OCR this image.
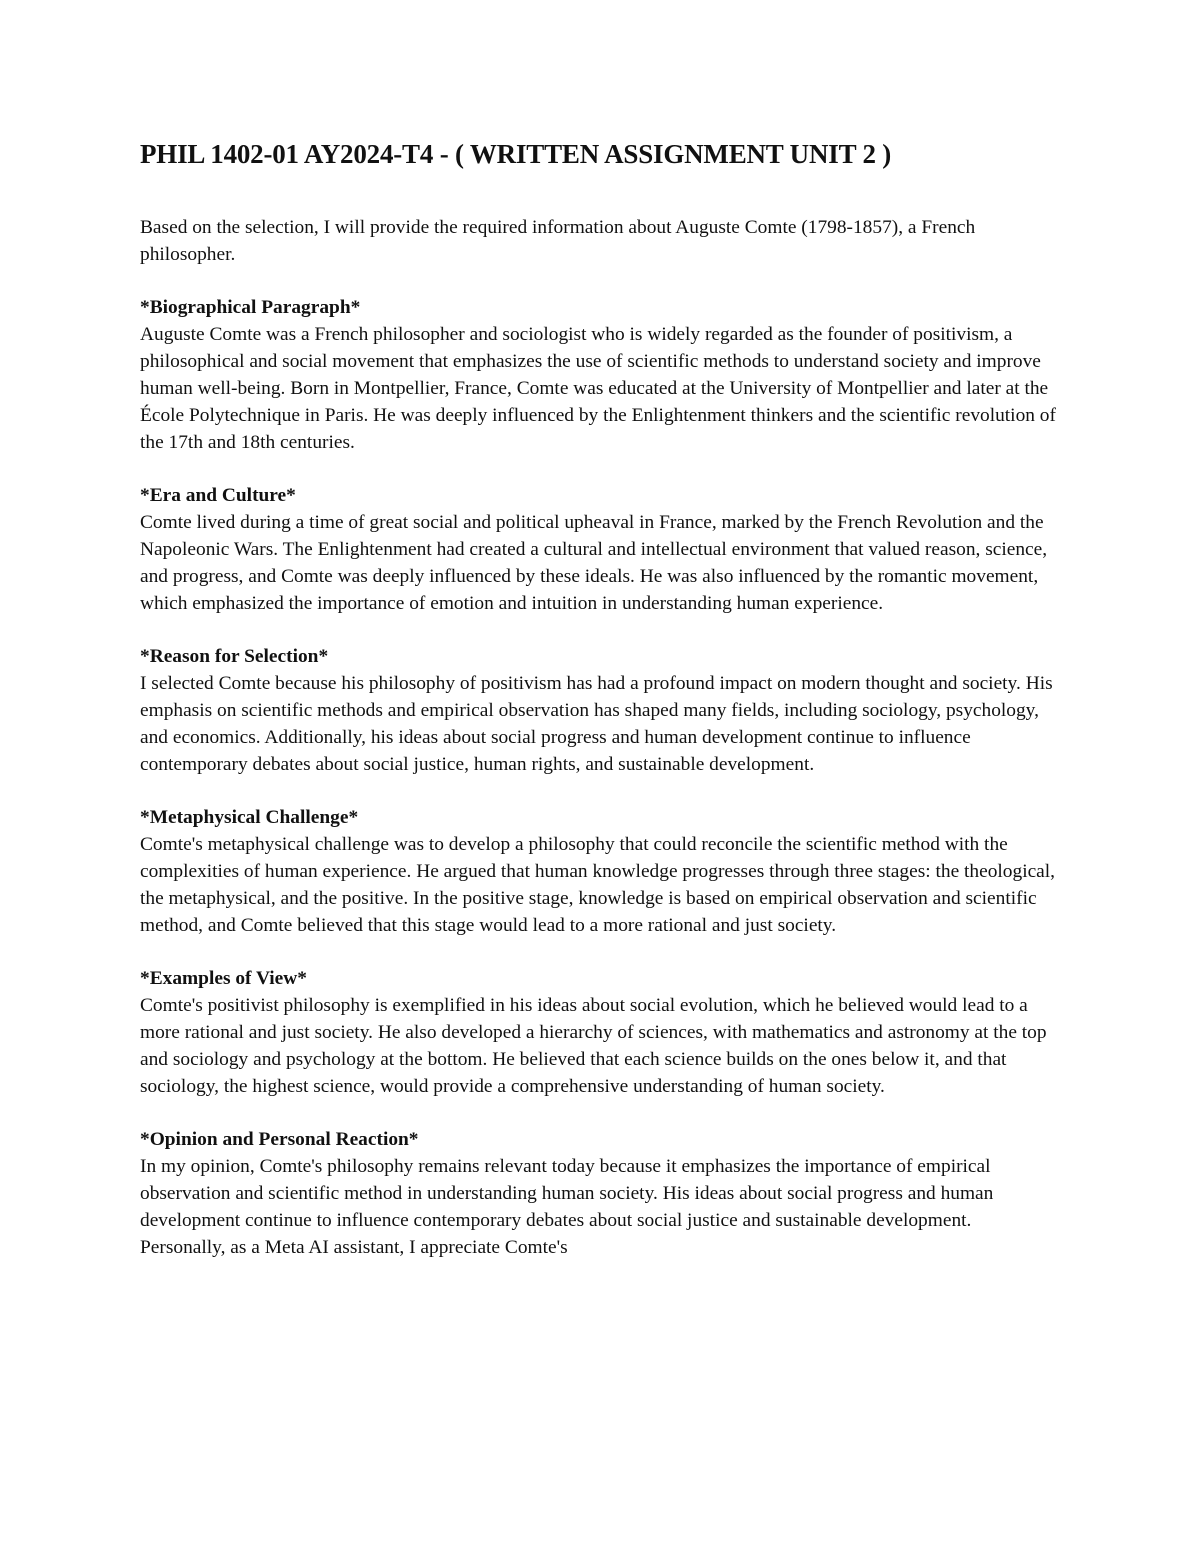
PHIL 1402-01 AY2024-T4 - ( WRITTEN ASSIGNMENT UNIT 2 )

Based on the selection, I will provide the required information about Auguste Comte (1798-1857), a French philosopher.

*Biographical Paragraph*

Auguste Comte was a French philosopher and sociologist who is widely regarded as the founder of positivism, a philosophical and social movement that emphasizes the use of scientific methods to understand society and improve human well-being. Born in Montpellier, France, Comte was educated at the University of Montpellier and later at the École Polytechnique in Paris. He was deeply influenced by the Enlightenment thinkers and the scientific revolution of the 17th and 18th centuries.

*Era and Culture*

Comte lived during a time of great social and political upheaval in France, marked by the French Revolution and the Napoleonic Wars. The Enlightenment had created a cultural and intellectual environment that valued reason, science, and progress, and Comte was deeply influenced by these ideals. He was also influenced by the romantic movement, which emphasized the importance of emotion and intuition in understanding human experience.

*Reason for Selection*

I selected Comte because his philosophy of positivism has had a profound impact on modern thought and society. His emphasis on scientific methods and empirical observation has shaped many fields, including sociology, psychology, and economics. Additionally, his ideas about social progress and human development continue to influence contemporary debates about social justice, human rights, and sustainable development.

*Metaphysical Challenge*

Comte's metaphysical challenge was to develop a philosophy that could reconcile the scientific method with the complexities of human experience. He argued that human knowledge progresses through three stages: the theological, the metaphysical, and the positive. In the positive stage, knowledge is based on empirical observation and scientific method, and Comte believed that this stage would lead to a more rational and just society.

*Examples of View*

Comte's positivist philosophy is exemplified in his ideas about social evolution, which he believed would lead to a more rational and just society. He also developed a hierarchy of sciences, with mathematics and astronomy at the top and sociology and psychology at the bottom. He believed that each science builds on the ones below it, and that sociology, the highest science, would provide a comprehensive understanding of human society.

*Opinion and Personal Reaction*

In my opinion, Comte's philosophy remains relevant today because it emphasizes the importance of empirical observation and scientific method in understanding human society. His ideas about social progress and human development continue to influence contemporary debates about social justice and sustainable development. Personally, as a Meta AI assistant, I appreciate Comte's
